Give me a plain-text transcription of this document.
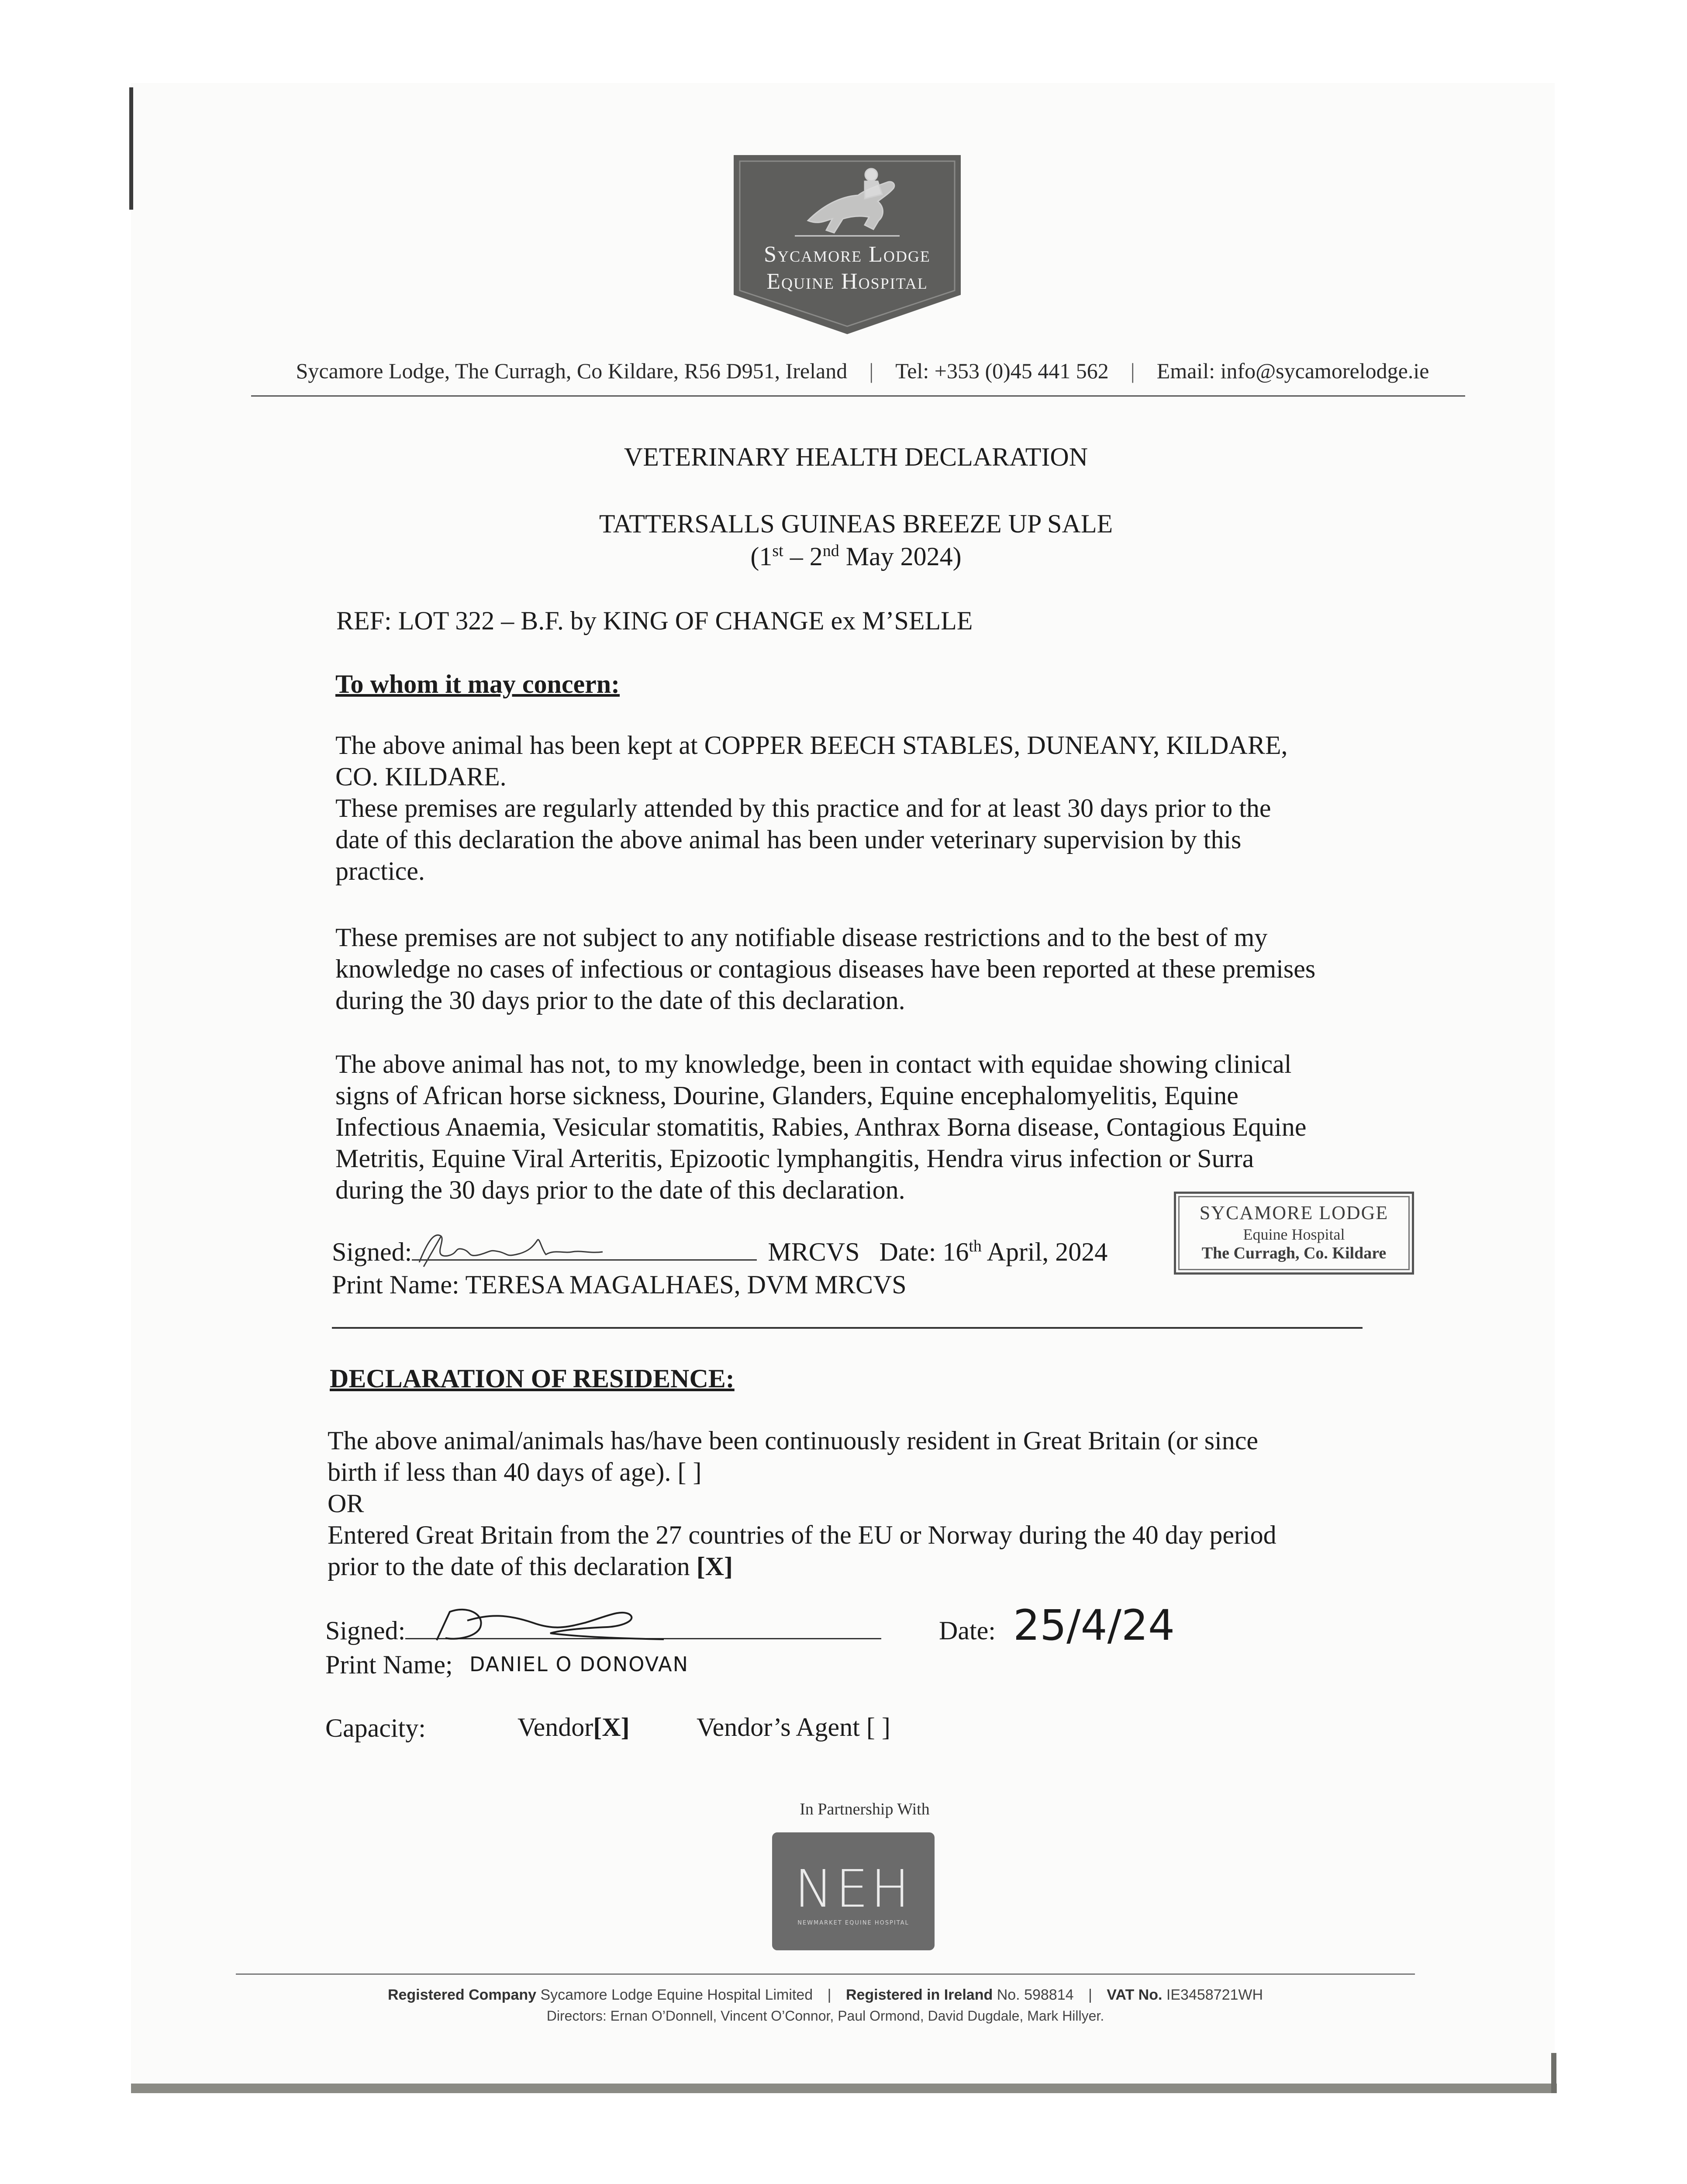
Sycamore Lodge
Equine Hospital
Sycamore Lodge, The Curragh, Co Kildare, R56 D951, Ireland | Tel: +353 (0)45 441 562 | Email: info@sycamorelodge.ie
VETERINARY HEALTH DECLARATION
TATTERSALLS GUINEAS BREEZE UP SALE
(1st – 2nd May 2024)
REF: LOT 322 – B.F. by KING OF CHANGE ex M’SELLE
To whom it may concern:
The above animal has been kept at COPPER BEECH STABLES, DUNEANY, KILDARE,
CO. KILDARE.
These premises are regularly attended by this practice and for at least 30 days prior to the
date of this declaration the above animal has been under veterinary supervision by this
practice.
These premises are not subject to any notifiable disease restrictions and to the best of my
knowledge no cases of infectious or contagious diseases have been reported at these premises
during the 30 days prior to the date of this declaration.
The above animal has not, to my knowledge, been in contact with equidae showing clinical
signs of African horse sickness, Dourine, Glanders, Equine encephalomyelitis, Equine
Infectious Anaemia, Vesicular stomatitis, Rabies, Anthrax Borna disease, Contagious Equine
Metritis, Equine Viral Arteritis, Epizootic lymphangitis, Hendra virus infection or Surra
during the 30 days prior to the date of this declaration.
Signed:	MRCVS Date: 16th April, 2024
Print Name: TERESA MAGALHAES, DVM MRCVS
SYCAMORE LODGE
Equine Hospital
The Curragh, Co. Kildare
DECLARATION OF RESIDENCE:
The above animal/animals has/have been continuously resident in Great Britain (or since
birth if less than 40 days of age). [ ]
OR
Entered Great Britain from the 27 countries of the EU or Norway during the 40 day period
prior to the date of this declaration [X]
Signed:	Date: 25/4/24
Print Name; DANIEL O DONOVAN
Capacity:	Vendor[X]	Vendor’s Agent [ ]
In Partnership With
NEH
NEWMARKET EQUINE HOSPITAL
Registered Company Sycamore Lodge Equine Hospital Limited | Registered in Ireland No. 598814 | VAT No. IE3458721WH
Directors: Ernan O’Donnell, Vincent O’Connor, Paul Ormond, David Dugdale, Mark Hillyer.
